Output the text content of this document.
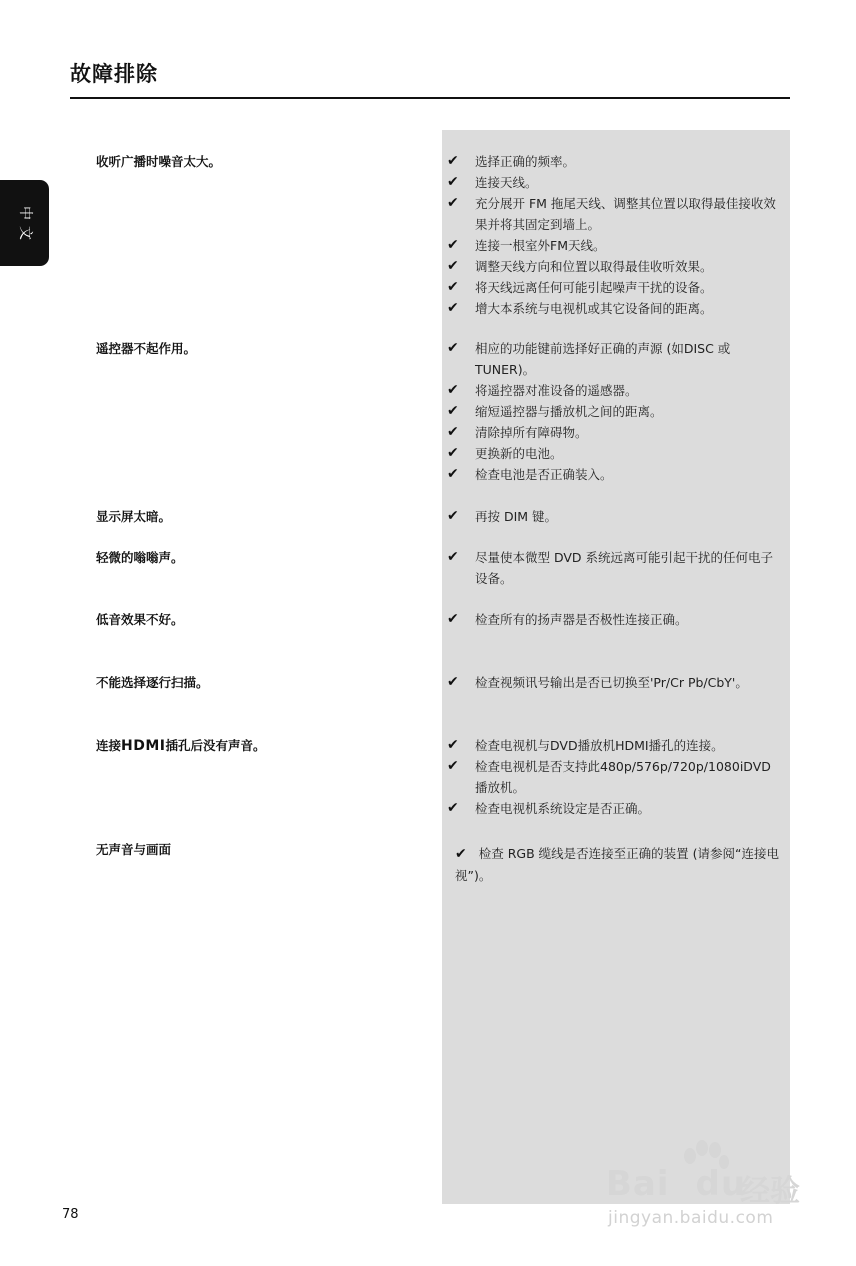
故障排除
中
文
收听广播时噪音太大。	✔ 选择正确的频率。
✔ 连接天线。
✔ 充分展开 FM 拖尾天线、调整其位置以取得最佳接收效果并将其固定到墙上。
✔ 连接一根室外FM天线。
✔ 调整天线方向和位置以取得最佳收听效果。
✔ 将天线远离任何可能引起噪声干扰的设备。
✔ 增大本系统与电视机或其它设备间的距离。
遥控器不起作用。	✔ 相应的功能键前选择好正确的声源 (如DISC 或 TUNER)。
✔ 将遥控器对准设备的遥感器。
✔ 缩短遥控器与播放机之间的距离。
✔ 清除掉所有障碍物。
✔ 更换新的电池。
✔ 检查电池是否正确装入。
显示屏太暗。	✔ 再按 DIM 键。
轻微的嗡嗡声。	✔ 尽量使本微型 DVD 系统远离可能引起干扰的任何电子设备。
低音效果不好。	✔ 检查所有的扬声器是否极性连接正确。
不能选择逐行扫描。	✔ 检查视频讯号输出是否已切换至'Pr/Cr Pb/CbY'。
连接HDMI插孔后没有声音。	✔ 检查电视机与DVD播放机HDMI播孔的连接。
✔ 检查电视机是否支持此480p/576p/720p/1080iDVD 播放机。
✔ 检查电视机系统设定是否正确。
无声音与画面	✔ 检查 RGB 缆线是否连接至正确的装置 (请参阅“连接电视”)。
78
Bai du
经验
jingyan.baidu.com
